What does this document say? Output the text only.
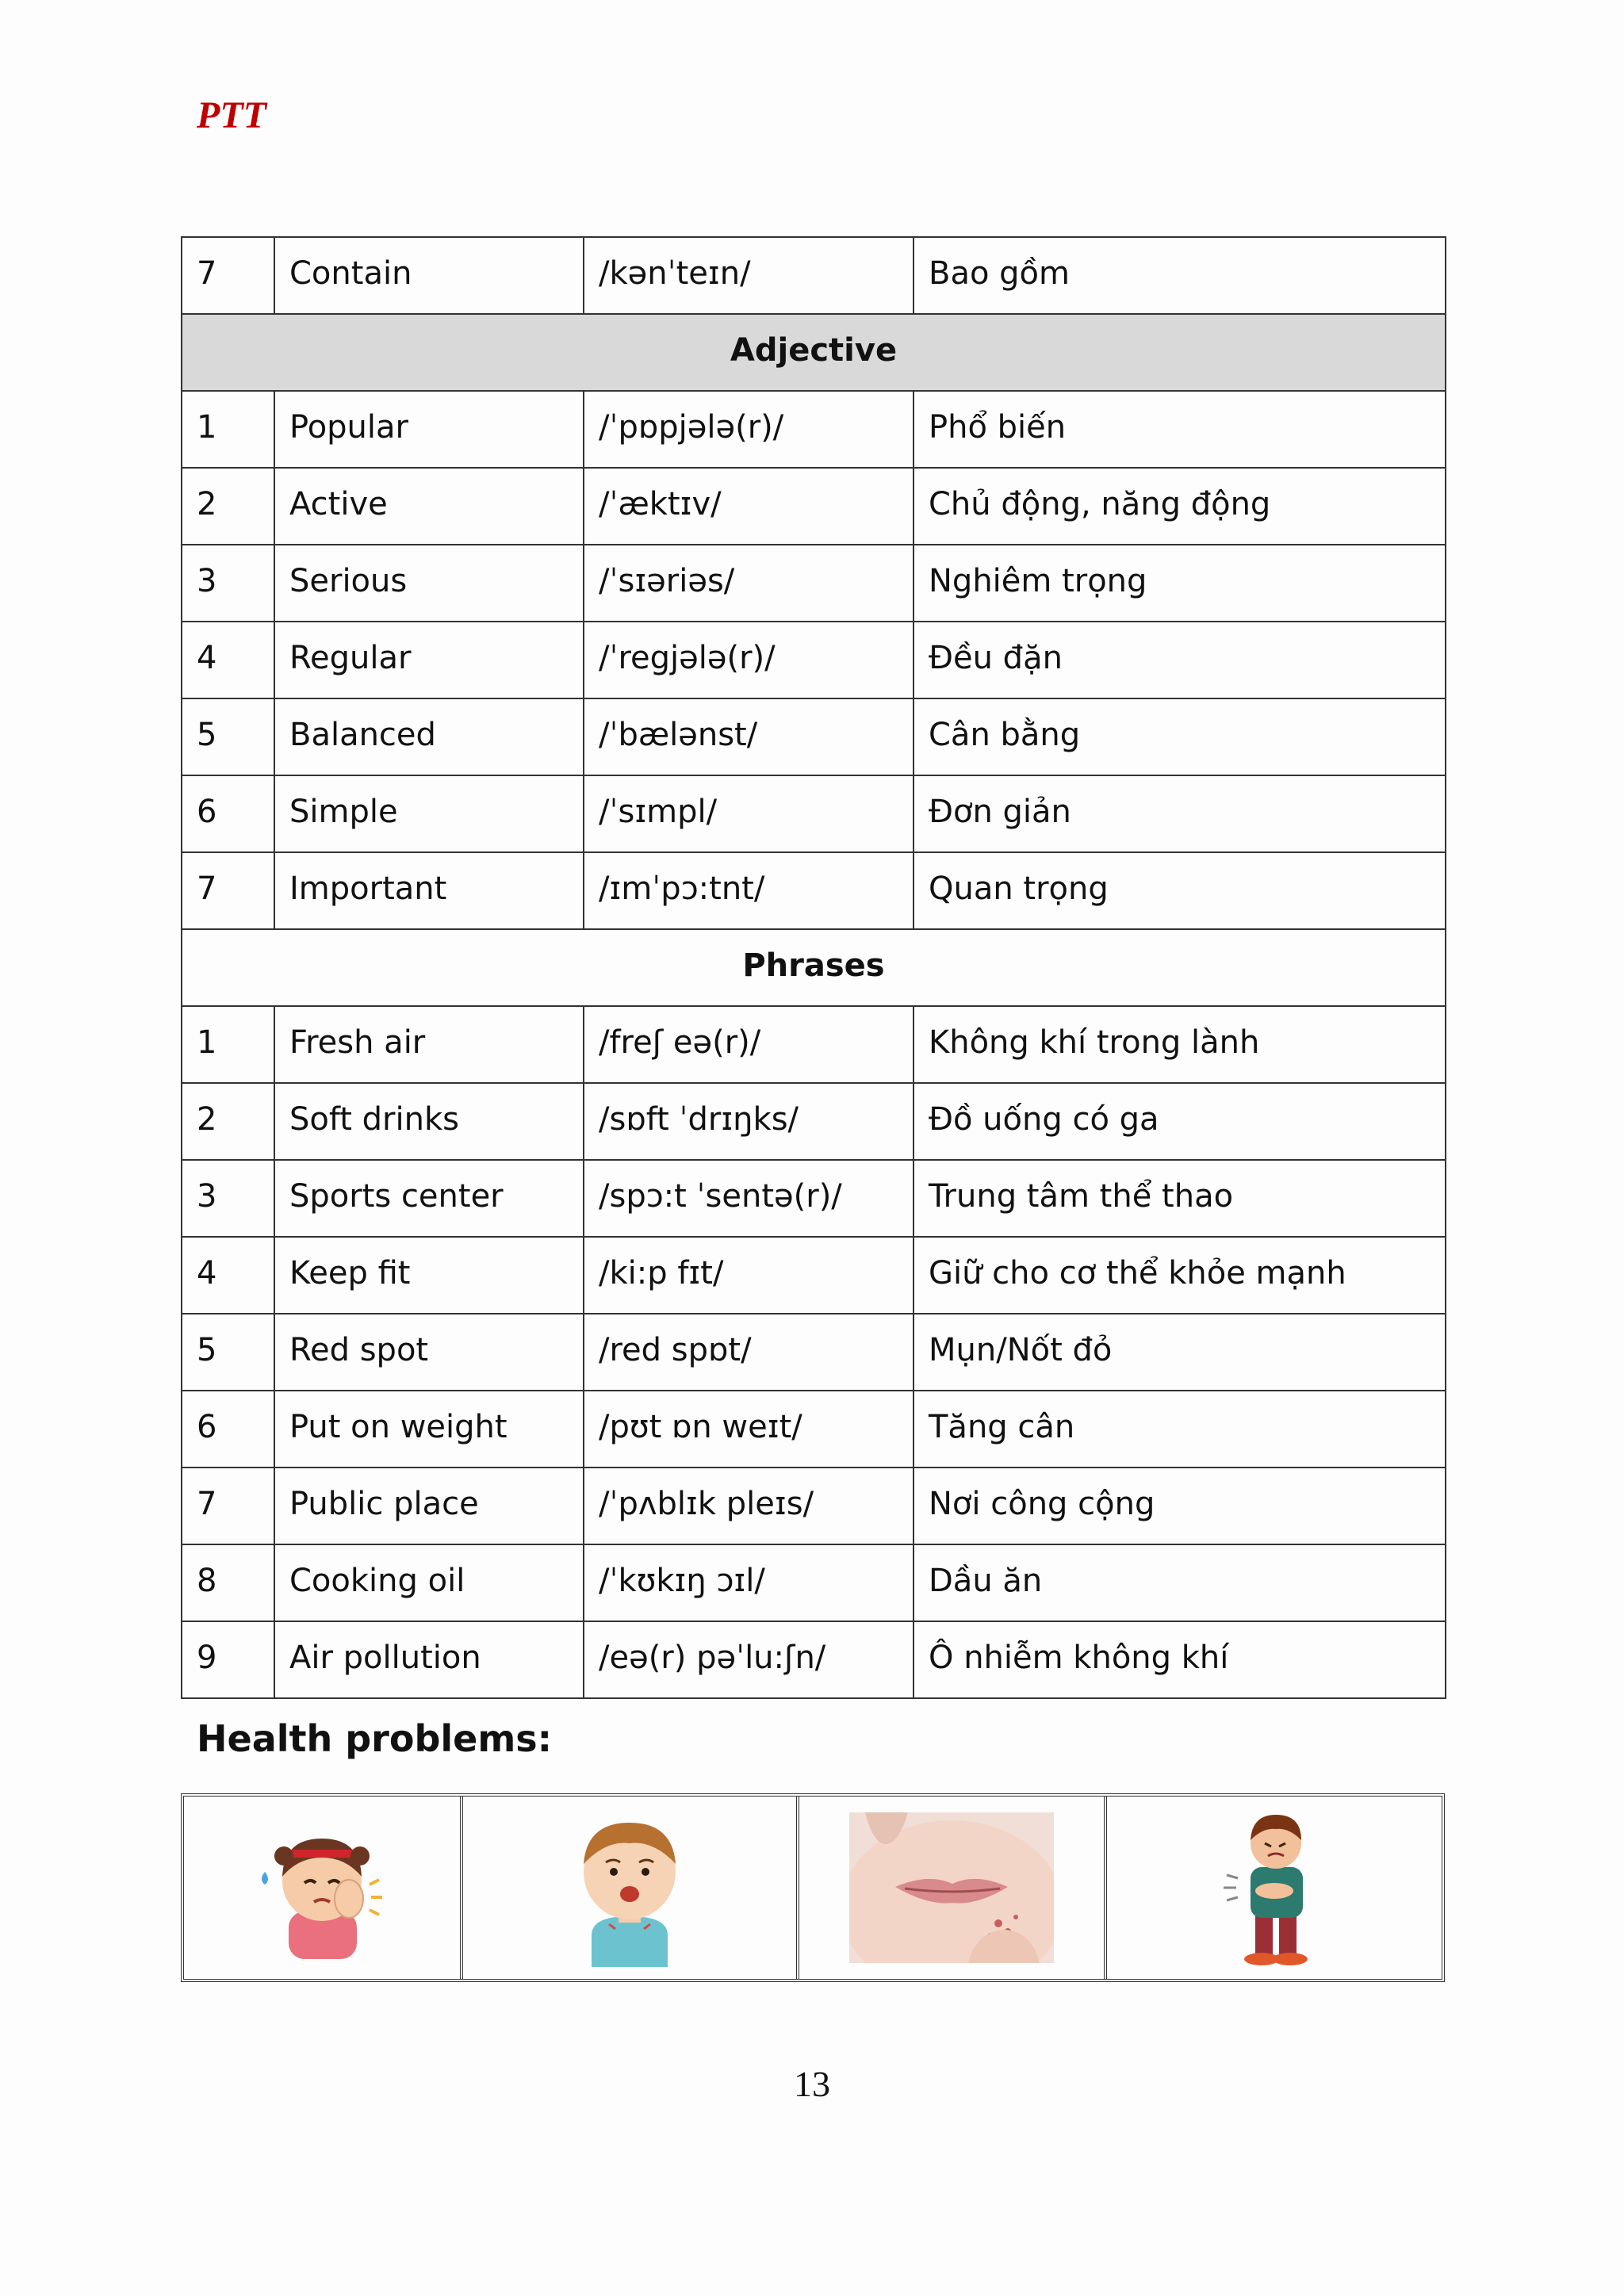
PTT
7	Contain	/kənˈteɪn/	Bao gồm
Adjective			
1	Popular	/ˈpɒpjələ(r)/	Phổ biến
2	Active	/ˈæktɪv/	Chủ động, năng động
3	Serious	/ˈsɪəriəs/	Nghiêm trọng
4	Regular	/ˈregjələ(r)/	Đều đặn
5	Balanced	/ˈbælənst/	Cân bằng
6	Simple	/ˈsɪmpl/	Đơn giản
7	Important	/ɪmˈpɔ:tnt/	Quan trọng
Phrases			
1	Fresh air	/freʃ eə(r)/	Không khí trong lành
2	Soft drinks	/sɒft ˈdrɪŋks/	Đồ uống có ga
3	Sports center	/spɔ:t ˈsentə(r)/	Trung tâm thể thao
4	Keep fit	/ki:p fɪt/	Giữ cho cơ thể khỏe mạnh
5	Red spot	/red spɒt/	Mụn/Nốt đỏ
6	Put on weight	/pʊt ɒn weɪt/	Tăng cân
7	Public place	/ˈpʌblɪk pleɪs/	Nơi công cộng
8	Cooking oil	/ˈkʊkɪŋ ɔɪl/	Dầu ăn
9	Air pollution	/eə(r) pəˈlu:ʃn/	Ô nhiễm không khí
Health problems:
13
